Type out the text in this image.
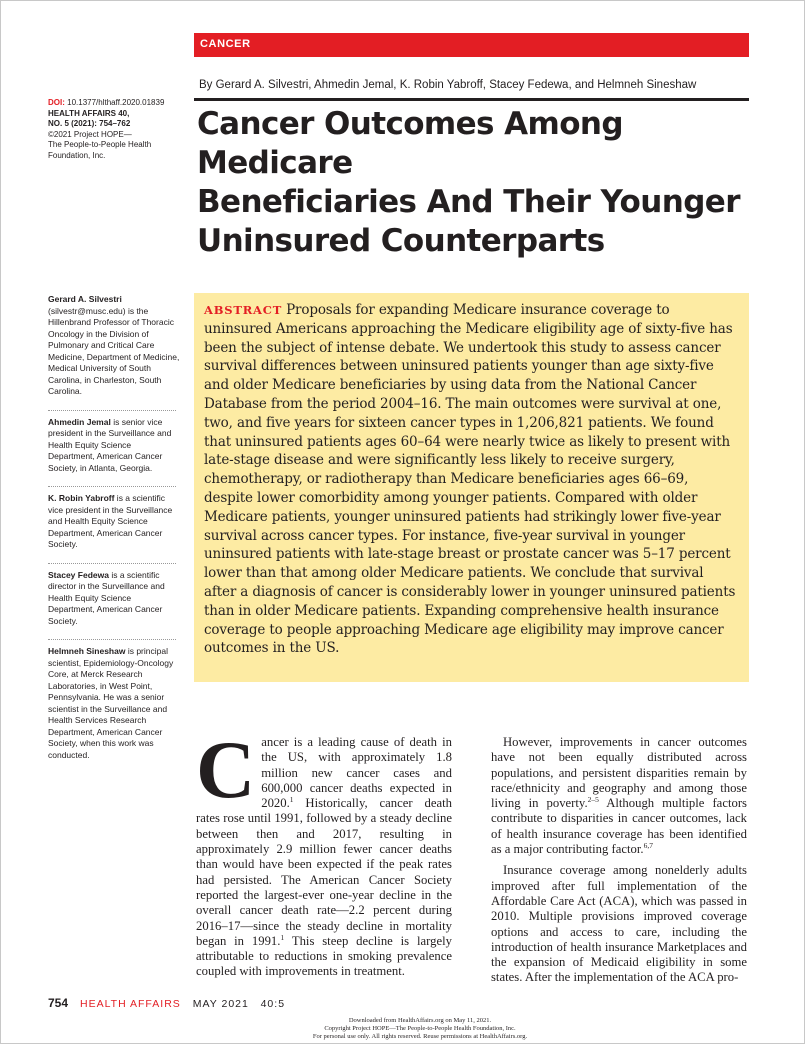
CANCER
By Gerard A. Silvestri, Ahmedin Jemal, K. Robin Yabroff, Stacey Fedewa, and Helmneh Sineshaw
DOI: 10.1377/hlthaff.2020.01839
HEALTH AFFAIRS 40,
NO. 5 (2021): 754–762
©2021 Project HOPE—
The People-to-People Health
Foundation, Inc.
Cancer Outcomes Among Medicare
Beneficiaries And Their Younger
Uninsured Counterparts
Gerard A. Silvestri (silvestr@musc.edu) is the Hillenbrand Professor of Thoracic Oncology in the Division of Pulmonary and Critical Care Medicine, Department of Medicine, Medical University of South Carolina, in Charleston, South Carolina.
Ahmedin Jemal is senior vice president in the Surveillance and Health Equity Science Department, American Cancer Society, in Atlanta, Georgia.
K. Robin Yabroff is a scientific vice president in the Surveillance and Health Equity Science Department, American Cancer Society.
Stacey Fedewa is a scientific director in the Surveillance and Health Equity Science Department, American Cancer Society.
Helmneh Sineshaw is principal scientist, Epidemiology-Oncology Core, at Merck Research Laboratories, in West Point, Pennsylvania. He was a senior scientist in the Surveillance and Health Services Research Department, American Cancer Society, when this work was conducted.
ABSTRACT Proposals for expanding Medicare insurance coverage to uninsured Americans approaching the Medicare eligibility age of sixty-five has been the subject of intense debate. We undertook this study to assess cancer survival differences between uninsured patients younger than age sixty-five and older Medicare beneficiaries by using data from the National Cancer Database from the period 2004–16. The main outcomes were survival at one, two, and five years for sixteen cancer types in 1,206,821 patients. We found that uninsured patients ages 60–64 were nearly twice as likely to present with late-stage disease and were significantly less likely to receive surgery, chemotherapy, or radiotherapy than Medicare beneficiaries ages 66–69, despite lower comorbidity among younger patients. Compared with older Medicare patients, younger uninsured patients had strikingly lower five-year survival across cancer types. For instance, five-year survival in younger uninsured patients with late-stage breast or prostate cancer was 5–17 percent lower than that among older Medicare patients. We conclude that survival after a diagnosis of cancer is considerably lower in younger uninsured patients than in older Medicare patients. Expanding comprehensive health insurance coverage to people approaching Medicare age eligibility may improve cancer outcomes in the US.

Cancer is a leading cause of death in the US, with approximately 1.8 million new cancer cases and 600,000 cancer deaths expected in 2020.$^1$ Historically, cancer death rates rose until 1991, followed by a steady decline between then and 2017, resulting in approximately 2.9 million fewer cancer deaths than would have been expected if the peak rates had persisted. The American Cancer Society reported the largest-ever one-year decline in the overall cancer death rate—2.2 percent during 2016–17—since the steady decline in mortality began in 1991.$^1$ This steep decline is largely attributable to reductions in smoking prevalence coupled with improvements in treatment.

However, improvements in cancer outcomes have not been equally distributed across populations, and persistent disparities remain by race/ethnicity and geography and among those living in poverty.$^{2-5}$ Although multiple factors contribute to disparities in cancer outcomes, lack of health insurance coverage has been identified as a major contributing factor.$^{6,7}$

Insurance coverage among nonelderly adults improved after full implementation of the Affordable Care Act (ACA), which was passed in 2010. Multiple provisions improved coverage options and access to care, including the introduction of health insurance Marketplaces and the expansion of Medicaid eligibility in some states. After the implementation of the ACA pro-

754 HEALTH AFFAIRS MAY 2021   40:5
Downloaded from HealthAffairs.org on May 11, 2021.
Copyright Project HOPE—The People-to-People Health Foundation, Inc.
For personal use only. All rights reserved. Reuse permissions at HealthAffairs.org.
